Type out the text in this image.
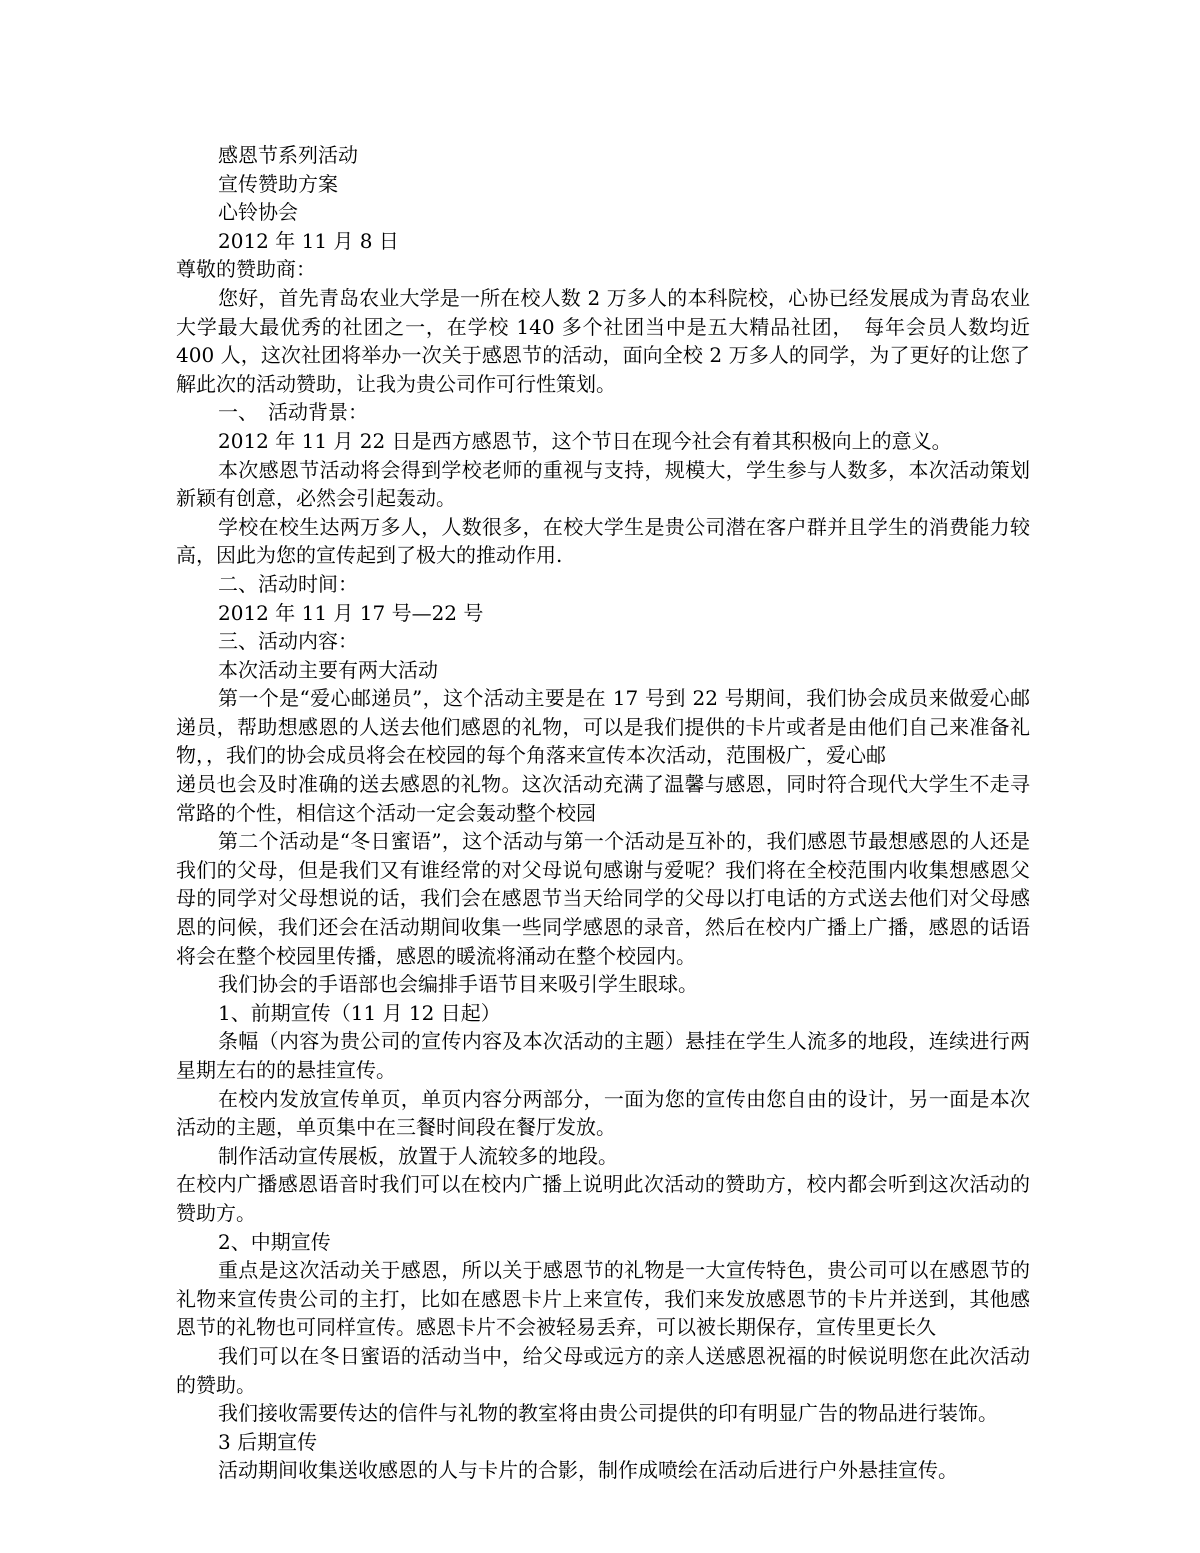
感恩节系列活动

宣传赞助方案

心铃协会

2012 年 11 月 8 日

尊敬的赞助商：

您好，首先青岛农业大学是一所在校人数 2 万多人的本科院校，心协已经发展成为青岛农业大学最大最优秀的社团之一，在学校 140 多个社团当中是五大精品社团，　每年会员人数均近 400 人，这次社团将举办一次关于感恩节的活动，面向全校 2 万多人的同学，为了更好的让您了解此次的活动赞助，让我为贵公司作可行性策划。

一、　活动背景：

2012 年 11 月 22 日是西方感恩节，这个节日在现今社会有着其积极向上的意义。

本次感恩节活动将会得到学校老师的重视与支持，规模大，学生参与人数多，本次活动策划新颖有创意，必然会引起轰动。

学校在校生达两万多人，人数很多，在校大学生是贵公司潜在客户群并且学生的消费能力较高，因此为您的宣传起到了极大的推动作用.

二、活动时间：

2012 年 11 月 17 号—22 号

三、活动内容：

本次活动主要有两大活动

第一个是“爱心邮递员”，这个活动主要是在 17 号到 22 号期间，我们协会成员来做爱心邮递员，帮助想感恩的人送去他们感恩的礼物，可以是我们提供的卡片或者是由他们自己来准备礼物，，我们的协会成员将会在校园的每个角落来宣传本次活动，范围极广，爱心邮

递员也会及时准确的送去感恩的礼物。这次活动充满了温馨与感恩，同时符合现代大学生不走寻常路的个性，相信这个活动一定会轰动整个校园

第二个活动是“冬日蜜语”，这个活动与第一个活动是互补的，我们感恩节最想感恩的人还是我们的父母，但是我们又有谁经常的对父母说句感谢与爱呢？我们将在全校范围内收集想感恩父母的同学对父母想说的话，我们会在感恩节当天给同学的父母以打电话的方式送去他们对父母感恩的问候，我们还会在活动期间收集一些同学感恩的录音，然后在校内广播上广播，感恩的话语将会在整个校园里传播，感恩的暖流将涌动在整个校园内。

我们协会的手语部也会编排手语节目来吸引学生眼球。

1、前期宣传（11 月 12 日起）

条幅（内容为贵公司的宣传内容及本次活动的主题）悬挂在学生人流多的地段，连续进行两星期左右的的悬挂宣传。

在校内发放宣传单页，单页内容分两部分，一面为您的宣传由您自由的设计，另一面是本次活动的主题，单页集中在三餐时间段在餐厅发放。

制作活动宣传展板，放置于人流较多的地段。

在校内广播感恩语音时我们可以在校内广播上说明此次活动的赞助方，校内都会听到这次活动的赞助方。

2、中期宣传

重点是这次活动关于感恩，所以关于感恩节的礼物是一大宣传特色，贵公司可以在感恩节的礼物来宣传贵公司的主打，比如在感恩卡片上来宣传，我们来发放感恩节的卡片并送到，其他感恩节的礼物也可同样宣传。感恩卡片不会被轻易丢弃，可以被长期保存，宣传里更长久

我们可以在冬日蜜语的活动当中，给父母或远方的亲人送感恩祝福的时候说明您在此次活动的赞助。

我们接收需要传达的信件与礼物的教室将由贵公司提供的印有明显广告的物品进行装饰。

3 后期宣传

活动期间收集送收感恩的人与卡片的合影，制作成喷绘在活动后进行户外悬挂宣传。
